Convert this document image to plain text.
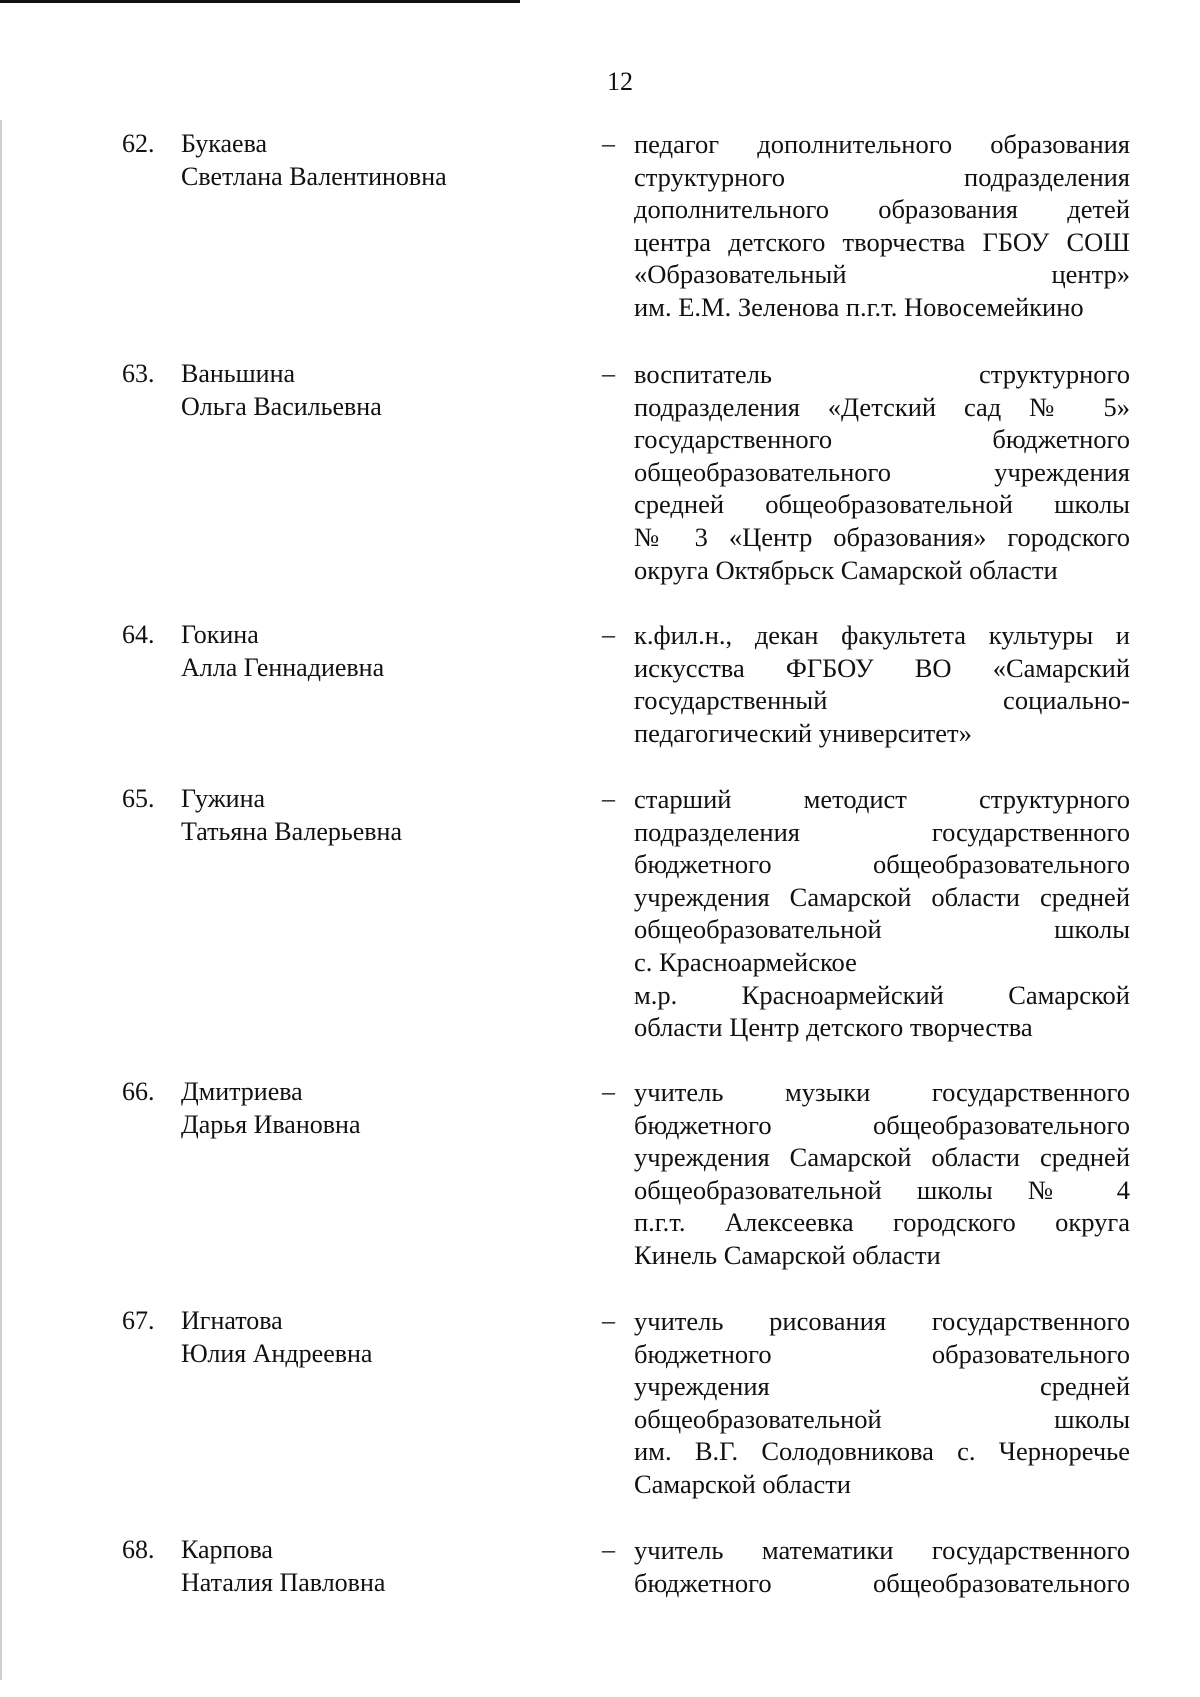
12
62.	Букаева
Светлана Валентиновна
– педагог дополнительного образования
структурного подразделения
дополнительного образования детей
центра детского творчества ГБОУ СОШ
«Образовательный центр»
им. Е.М. Зеленова п.г.т. Новосемейкино
63.	Ваньшина
Ольга Васильевна
– воспитатель структурного
подразделения «Детский сад № 5»
государственного бюджетного
общеобразовательного учреждения
средней общеобразовательной школы
№ 3 «Центр образования» городского
округа Октябрьск Самарской области
64.	Гокина
Алла Геннадиевна
– к.фил.н., декан факультета культуры и
искусства ФГБОУ ВО «Самарский
государственный социально-
педагогический университет»
65.	Гужина
Татьяна Валерьевна
– старший методист структурного
подразделения государственного
бюджетного общеобразовательного
учреждения Самарской области средней
общеобразовательной школы
с. Красноармейское
м.р. Красноармейский Самарской
области Центр детского творчества
66.	Дмитриева
Дарья Ивановна
– учитель музыки государственного
бюджетного общеобразовательного
учреждения Самарской области средней
общеобразовательной школы № 4
п.г.т. Алексеевка городского округа
Кинель Самарской области
67.	Игнатова
Юлия Андреевна
– учитель рисования государственного
бюджетного образовательного
учреждения средней
общеобразовательной школы
им. В.Г. Солодовникова с. Черноречье
Самарской области
68.	Карпова
Наталия Павловна
– учитель математики государственного
бюджетного общеобразовательного
